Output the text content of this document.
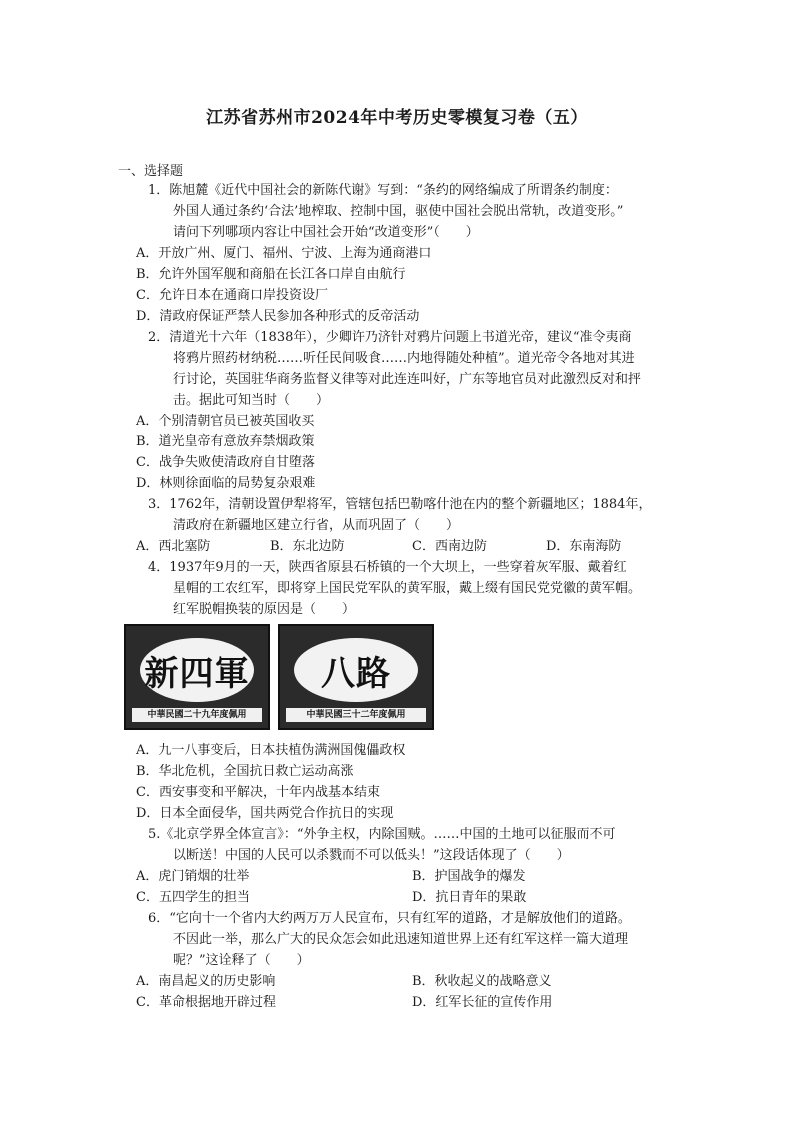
江苏省苏州市2024年中考历史零模复习卷（五）
一、选择题
1．陈旭麓《近代中国社会的新陈代谢》写到：“条约的网络编成了所谓条约制度：
外国人通过条约‘合法’地榨取、控制中国，驱使中国社会脱出常轨，改道变形。”
请问下列哪项内容让中国社会开始“改道变形”（　　）
A．开放广州、厦门、福州、宁波、上海为通商港口
B．允许外国军舰和商船在长江各口岸自由航行
C．允许日本在通商口岸投资设厂
D．清政府保证严禁人民参加各种形式的反帝活动
2．清道光十六年（1838年），少卿许乃济针对鸦片问题上书道光帝，建议“准令夷商
将鸦片照药材纳税……听任民间吸食……内地得随处种植”。道光帝令各地对其进
行讨论，英国驻华商务监督义律等对此连连叫好，广东等地官员对此激烈反对和抨
击。据此可知当时（　　）
A．个别清朝官员已被英国收买
B．道光皇帝有意放弃禁烟政策
C．战争失败使清政府自甘堕落
D．林则徐面临的局势复杂艰难
3．1762年，清朝设置伊犁将军，管辖包括巴勒喀什池在内的整个新疆地区；1884年，
清政府在新疆地区建立行省，从而巩固了（　　）
A．西北塞防	B．东北边防	C．西南边防	D．东南海防
4．1937年9月的一天，陕西省原县石桥镇的一个大坝上，一些穿着灰军服、戴着红
星帽的工农红军，即将穿上国民党军队的黄军服，戴上缀有国民党党徽的黄军帽。
红军脱帽换装的原因是（　　）
新四軍
中華民國二十九年度佩用
八路
中華民國三十二年度佩用
A．九一八事变后，日本扶植伪满洲国傀儡政权
B．华北危机，全国抗日救亡运动高涨
C．西安事变和平解决，十年内战基本结束
D．日本全面侵华，国共两党合作抗日的实现
5.《北京学界全体宣言》：“外争主权，内除国贼。……中国的土地可以征服而不可
以断送！中国的人民可以杀戮而不可以低头！”这段话体现了（　　）
A．虎门销烟的壮举	B．护国战争的爆发
C．五四学生的担当	D．抗日青年的果敢
6．“它向十一个省内大约两万万人民宣布，只有红军的道路，才是解放他们的道路。
不因此一举，那么广大的民众怎会如此迅速知道世界上还有红军这样一篇大道理
呢？”这诠释了（　　）
A．南昌起义的历史影响	B．秋收起义的战略意义
C．革命根据地开辟过程	D．红军长征的宣传作用
